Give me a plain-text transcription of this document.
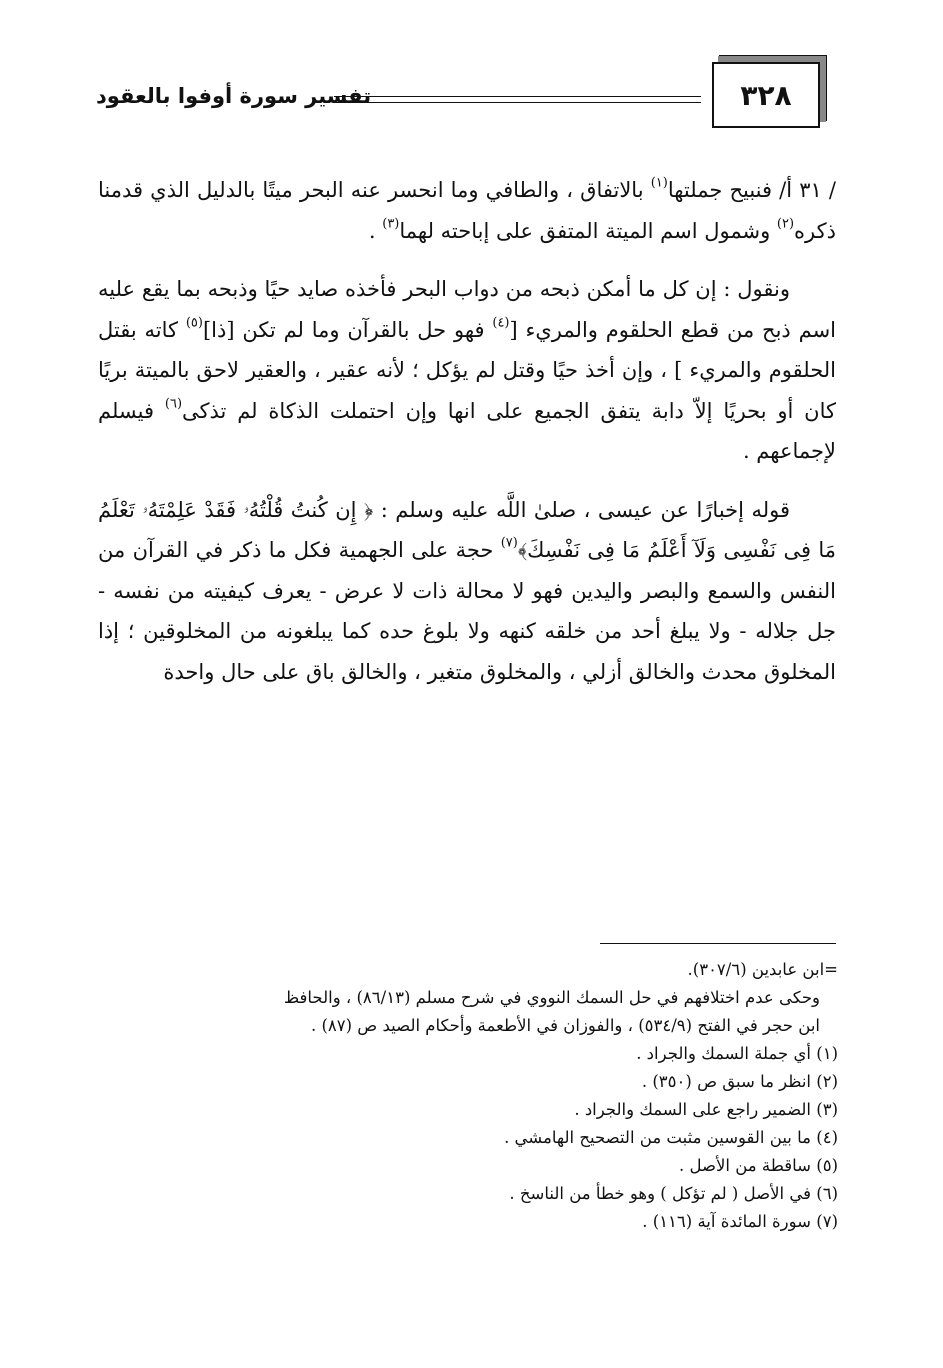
تفسير سورة أوفوا بالعقود	٣٢٨

/ ٣١ أ/ فنبيح جملتها$^{(١)}$ بالاتفاق ، والطافي وما انحسر عنه البحر ميتًا بالدليل الذي قدمنا ذكره$^{(٢)}$ وشمول اسم الميتة المتفق على إباحته لهما$^{(٣)}$ .

ونقول : إن كل ما أمكن ذبحه من دواب البحر فأخذه صايد حيًا وذبحه بما يقع عليه اسم ذبح من قطع الحلقوم والمريء [$^{(٤)}$ فهو حل بالقرآن وما لم تكن [ذا]$^{(٥)}$ كاته بقتل الحلقوم والمريء ] ، وإن أخذ حيًا وقتل لم يؤكل ؛ لأنه عقير ، والعقير لاحق بالميتة بريًا كان أو بحريًا إلاّ دابة يتفق الجميع على انها وإن احتملت الذكاة لم تذكى$^{(٦)}$ فيسلم لإجماعهم .

قوله إخبارًا عن عيسى ، صلىٰ اللَّه عليه وسلم : ﴿ إِن كُنتُ قُلْتُهُۥ فَقَدْ عَلِمْتَهُۥ تَعْلَمُ مَا فِى نَفْسِى وَلَآ أَعْلَمُ مَا فِى نَفْسِكَ﴾$^{(٧)}$ حجة على الجهمية فكل ما ذكر في القرآن من النفس والسمع والبصر واليدين فهو لا محالة ذات لا عرض - يعرف كيفيته من نفسه - جل جلاله - ولا يبلغ أحد من خلقه كنهه ولا بلوغ حده كما يبلغونه من المخلوقين ؛ إذا المخلوق محدث والخالق أزلي ، والمخلوق متغير ، والخالق باق على حال واحدة

=ابن عابدين (٣٠٧/٦).
وحكى عدم اختلافهم في حل السمك النووي في شرح مسلم (٨٦/١٣) ، والحافظ
ابن حجر في الفتح (٥٣٤/٩) ، والفوزان في الأطعمة وأحكام الصيد ص (٨٧) .
(١) أي جملة السمك والجراد .
(٢) انظر ما سبق ص (٣٥٠) .
(٣) الضمير راجع على السمك والجراد .
(٤) ما بين القوسين مثبت من التصحيح الهامشي .
(٥) ساقطة من الأصل .
(٦) في الأصل ( لم تؤكل ) وهو خطأ من الناسخ .
(٧) سورة المائدة آية (١١٦) .
